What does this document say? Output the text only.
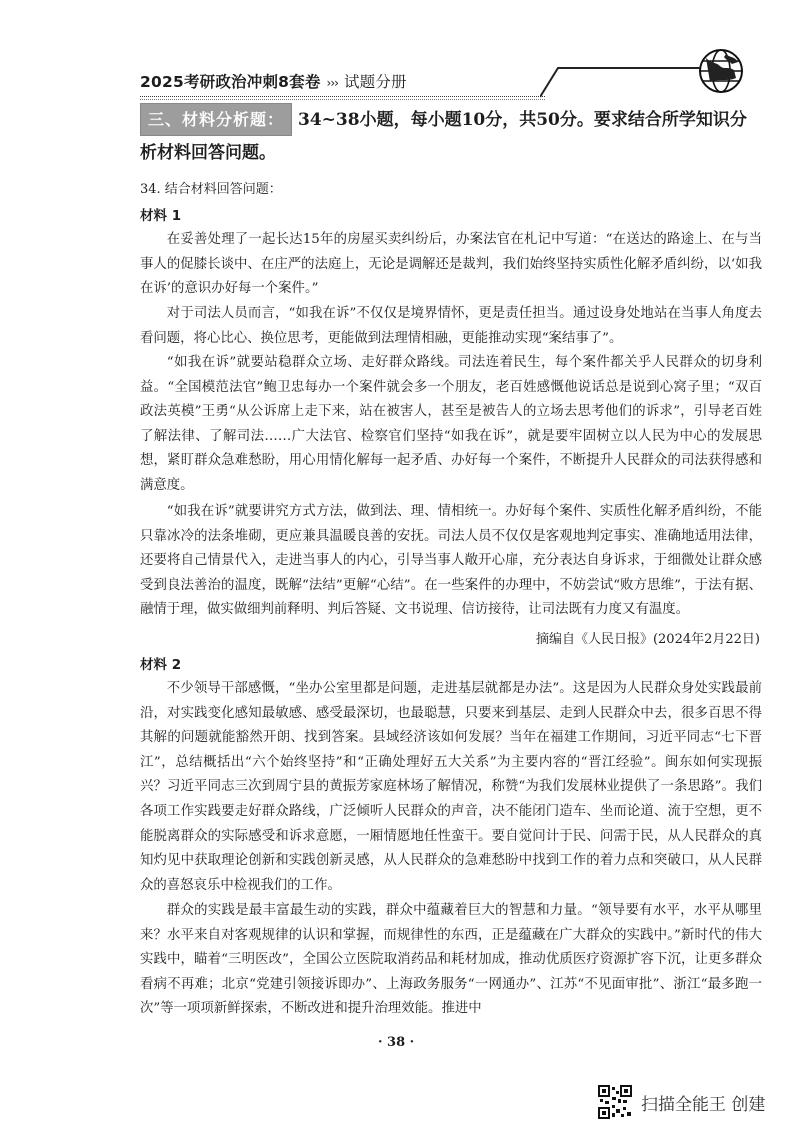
2025考研政治冲刺8套卷 ››› 试题分册
三、材料分析题： 34~38小题，每小题10分，共50分。要求结合所学知识分析材料回答问题。
34. 结合材料回答问题：
材料 1

在妥善处理了一起长达15年的房屋买卖纠纷后，办案法官在札记中写道：“在送达的路途上、在与当事人的促膝长谈中、在庄严的法庭上，无论是调解还是裁判，我们始终坚持实质性化解矛盾纠纷，以‘如我在诉’的意识办好每一个案件。”

对于司法人员而言，“如我在诉”不仅仅是境界情怀，更是责任担当。通过设身处地站在当事人角度去看问题，将心比心、换位思考，更能做到法理情相融，更能推动实现“案结事了”。

“如我在诉”就要站稳群众立场、走好群众路线。司法连着民生，每个案件都关乎人民群众的切身利益。“全国模范法官”鲍卫忠每办一个案件就会多一个朋友，老百姓感慨他说话总是说到心窝子里；“双百政法英模”王勇“从公诉席上走下来，站在被害人，甚至是被告人的立场去思考他们的诉求”，引导老百姓了解法律、了解司法……广大法官、检察官们坚持“如我在诉”，就是要牢固树立以人民为中心的发展思想，紧盯群众急难愁盼，用心用情化解每一起矛盾、办好每一个案件，不断提升人民群众的司法获得感和满意度。

“如我在诉”就要讲究方式方法，做到法、理、情相统一。办好每个案件、实质性化解矛盾纠纷，不能只靠冰冷的法条堆砌，更应兼具温暖良善的安抚。司法人员不仅仅是客观地判定事实、准确地适用法律，还要将自己情景代入，走进当事人的内心，引导当事人敞开心扉，充分表达自身诉求，于细微处让群众感受到良法善治的温度，既解“法结”更解“心结”。在一些案件的办理中，不妨尝试“败方思维”，于法有据、融情于理，做实做细判前释明、判后答疑、文书说理、信访接待，让司法既有力度又有温度。

摘编自《人民日报》(2024年2月22日)
材料 2

不少领导干部感慨，“坐办公室里都是问题，走进基层就都是办法”。这是因为人民群众身处实践最前沿，对实践变化感知最敏感、感受最深切，也最聪慧，只要来到基层、走到人民群众中去，很多百思不得其解的问题就能豁然开朗、找到答案。县域经济该如何发展？当年在福建工作期间，习近平同志“七下晋江”，总结概括出“六个始终坚持”和“正确处理好五大关系”为主要内容的“晋江经验”。闽东如何实现振兴？习近平同志三次到周宁县的黄振芳家庭林场了解情况，称赞“为我们发展林业提供了一条思路”。我们各项工作实践要走好群众路线，广泛倾听人民群众的声音，决不能闭门造车、坐而论道、流于空想，更不能脱离群众的实际感受和诉求意愿，一厢情愿地任性蛮干。要自觉问计于民、问需于民，从人民群众的真知灼见中获取理论创新和实践创新灵感，从人民群众的急难愁盼中找到工作的着力点和突破口，从人民群众的喜怒哀乐中检视我们的工作。

群众的实践是最丰富最生动的实践，群众中蕴藏着巨大的智慧和力量。“领导要有水平，水平从哪里来？水平来自对客观规律的认识和掌握，而规律性的东西，正是蕴藏在广大群众的实践中。”新时代的伟大实践中，瞄着“三明医改”，全国公立医院取消药品和耗材加成，推动优质医疗资源扩容下沉，让更多群众看病不再难；北京“党建引领接诉即办”、上海政务服务“一网通办”、江苏“不见面审批”、浙江“最多跑一次”等一项项新鲜探索，不断改进和提升治理效能。推进中

· 38 ·
扫描全能王 创建
